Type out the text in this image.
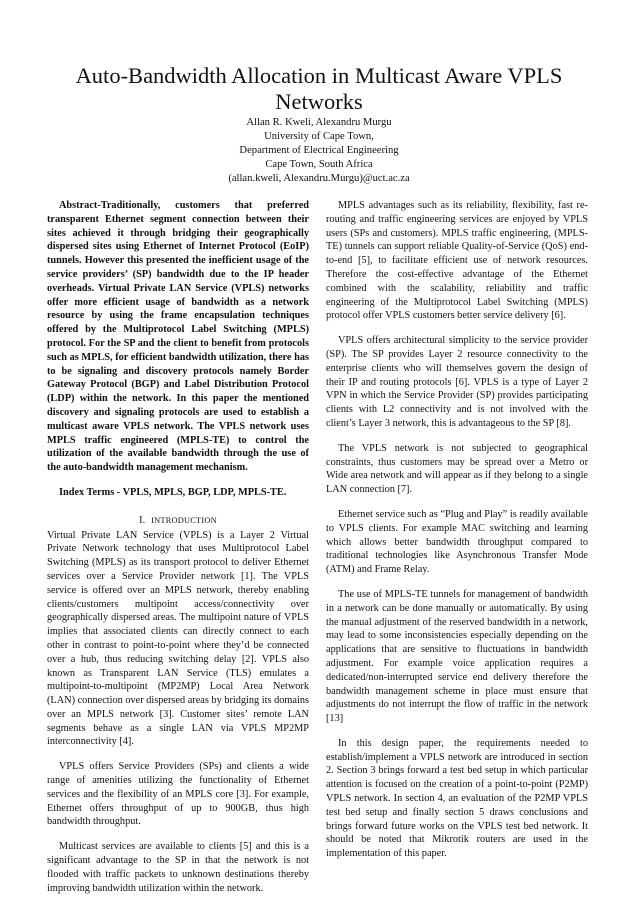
Auto-Bandwidth Allocation in Multicast Aware VPLS Networks
Allan R. Kweli, Alexandru Murgu
University of Cape Town,
Department of Electrical Engineering
Cape Town, South Africa
(allan.kweli, Alexandru.Murgu)@uct.ac.za

Abstract-Traditionally, customers that preferred transparent Ethernet segment connection between their sites achieved it through bridging their geographically dispersed sites using Ethernet of Internet Protocol (EoIP) tunnels. However this presented the inefficient usage of the service providers’ (SP) bandwidth due to the IP header overheads. Virtual Private LAN Service (VPLS) networks offer more efficient usage of bandwidth as a network resource by using the frame encapsulation techniques offered by the Multiprotocol Label Switching (MPLS) protocol. For the SP and the client to benefit from protocols such as MPLS, for efficient bandwidth utilization, there has to be signaling and discovery protocols namely Border Gateway Protocol (BGP) and Label Distribution Protocol (LDP) within the network. In this paper the mentioned discovery and signaling protocols are used to establish a multicast aware VPLS network. The VPLS network uses MPLS traffic engineered (MPLS-TE) to control the utilization of the available bandwidth through the use of the auto-bandwidth management mechanism.

Index Terms - VPLS, MPLS, BGP, LDP, MPLS-TE.

I. INTRODUCTION

Virtual Private LAN Service (VPLS) is a Layer 2 Virtual Private Network technology that uses Multiprotocol Label Switching (MPLS) as its transport protocol to deliver Ethernet services over a Service Provider network [1]. The VPLS service is offered over an MPLS network, thereby enabling clients/customers multipoint access/connectivity over geographically dispersed areas. The multipoint nature of VPLS implies that associated clients can directly connect to each other in contrast to point-to-point where they’d be connected over a hub, thus reducing switching delay [2]. VPLS also known as Transparent LAN Service (TLS) emulates a multipoint-to-multipoint (MP2MP) Local Area Network (LAN) connection over dispersed areas by bridging its domains over an MPLS network [3]. Customer sites’ remote LAN segments behave as a single LAN via VPLS MP2MP interconnectivity [4].

VPLS offers Service Providers (SPs) and clients a wide range of amenities utilizing the functionality of Ethernet services and the flexibility of an MPLS core [3]. For example, Ethernet offers throughput of up to 900GB, thus high bandwidth throughput.

Multicast services are available to clients [5] and this is a significant advantage to the SP in that the network is not flooded with traffic packets to unknown destinations thereby improving bandwidth utilization within the network.

MPLS advantages such as its reliability, flexibility, fast re-routing and traffic engineering services are enjoyed by VPLS users (SPs and customers). MPLS traffic engineering, (MPLS-TE) tunnels can support reliable Quality-of-Service (QoS) end-to-end [5], to facilitate efficient use of network resources. Therefore the cost-effective advantage of the Ethernet combined with the scalability, reliability and traffic engineering of the Multiprotocol Label Switching (MPLS) protocol offer VPLS customers better service delivery [6].

VPLS offers architectural simplicity to the service provider (SP). The SP provides Layer 2 resource connectivity to the enterprise clients who will themselves govern the design of their IP and routing protocols [6]. VPLS is a type of Layer 2 VPN in which the Service Provider (SP) provides participating clients with L2 connectivity and is not involved with the client’s Layer 3 network, this is advantageous to the SP [8].

The VPLS network is not subjected to geographical constraints, thus customers may be spread over a Metro or Wide area network and will appear as if they belong to a single LAN connection [7].

Ethernet service such as “Plug and Play” is readily available to VPLS clients. For example MAC switching and learning which allows better bandwidth throughput compared to traditional technologies like Asynchronous Transfer Mode (ATM) and Frame Relay.

The use of MPLS-TE tunnels for management of bandwidth in a network can be done manually or automatically. By using the manual adjustment of the reserved bandwidth in a network, may lead to some inconsistencies especially depending on the applications that are sensitive to fluctuations in bandwidth adjustment. For example voice application requires a dedicated/non-interrupted service end delivery therefore the bandwidth management scheme in place must ensure that adjustments do not interrupt the flow of traffic in the network [13]

In this design paper, the requirements needed to establish/implement a VPLS network are introduced in section 2. Section 3 brings forward a test bed setup in which particular attention is focused on the creation of a point-to-point (P2MP) VPLS network. In section 4, an evaluation of the P2MP VPLS test bed setup and finally section 5 draws conclusions and brings forward future works on the VPLS test bed network. It should be noted that Mikrotik routers are used in the implementation of this paper.
